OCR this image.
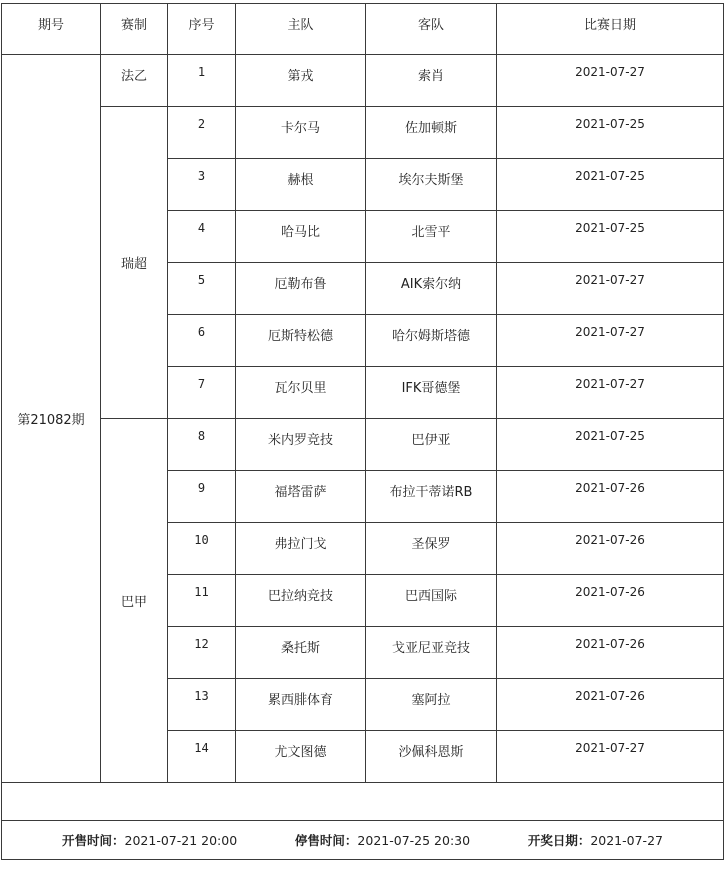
期号	赛制	序号	主队	客队	比赛日期
第21082期	法乙	1	第戎	索肖	2021-07-27
	瑞超	2	卡尔马	佐加顿斯	2021-07-25
		3	赫根	埃尔夫斯堡	2021-07-25
		4	哈马比	北雪平	2021-07-25
		5	厄勒布鲁	AIK索尔纳	2021-07-27
		6	厄斯特松德	哈尔姆斯塔德	2021-07-27
		7	瓦尔贝里	IFK哥德堡	2021-07-27
	巴甲	8	米内罗竞技	巴伊亚	2021-07-25
		9	福塔雷萨	布拉干蒂诺RB	2021-07-26
		10	弗拉门戈	圣保罗	2021-07-26
		11	巴拉纳竞技	巴西国际	2021-07-26
		12	桑托斯	戈亚尼亚竞技	2021-07-26
		13	累西腓体育	塞阿拉	2021-07-26
		14	尤文图德	沙佩科恩斯	2021-07-27

开售时间：2021-07-21 20:00 停售时间：2021-07-25 20:30 开奖日期：2021-07-27					
